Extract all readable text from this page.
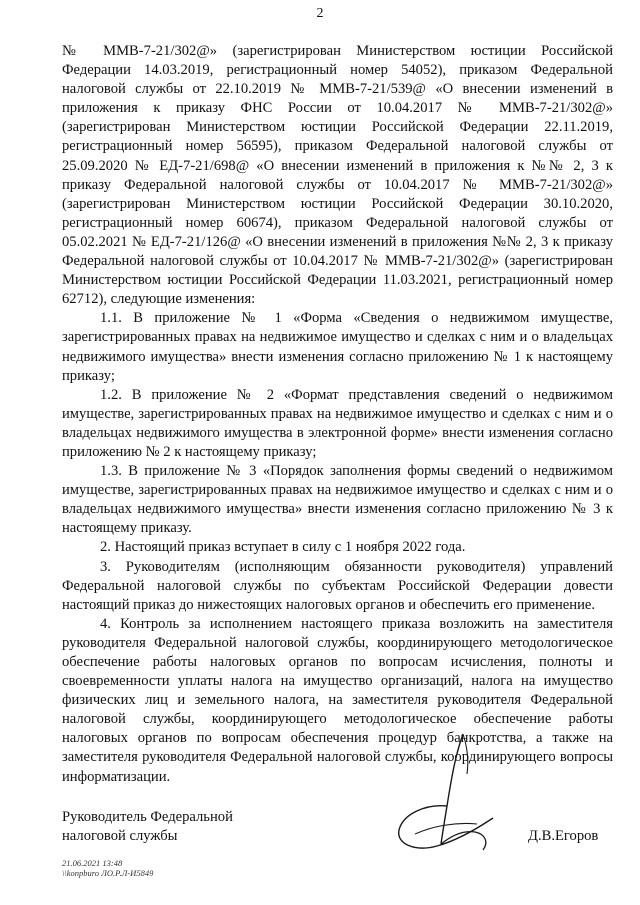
2

№ ММВ-7-21/302@» (зарегистрирован Министерством юстиции Российской Федерации 14.03.2019, регистрационный номер 54052), приказом Федеральной налоговой службы от 22.10.2019 № ММВ-7-21/539@ «О внесении изменений в приложения к приказу ФНС России от 10.04.2017 № ММВ-7-21/302@» (зарегистрирован Министерством юстиции Российской Федерации 22.11.2019, регистрационный номер 56595), приказом Федеральной налоговой службы от 25.09.2020 № ЕД-7-21/698@ «О внесении изменений в приложения к №№ 2, 3 к приказу Федеральной налоговой службы от 10.04.2017 № ММВ-7-21/302@» (зарегистрирован Министерством юстиции Российской Федерации 30.10.2020, регистрационный номер 60674), приказом Федеральной налоговой службы от 05.02.2021 № ЕД-7-21/126@ «О внесении изменений в приложения №№ 2, 3 к приказу Федеральной налоговой службы от 10.04.2017 № ММВ-7-21/302@» (зарегистрирован Министерством юстиции Российской Федерации 11.03.2021, регистрационный номер 62712), следующие изменения:

1.1. В приложение № 1 «Форма «Сведения о недвижимом имуществе, зарегистрированных правах на недвижимое имущество и сделках с ним и о владельцах недвижимого имущества» внести изменения согласно приложению № 1 к настоящему приказу;

1.2. В приложение № 2 «Формат представления сведений о недвижимом имуществе, зарегистрированных правах на недвижимое имущество и сделках с ним и о владельцах недвижимого имущества в электронной форме» внести изменения согласно приложению № 2 к настоящему приказу;

1.3. В приложение № 3 «Порядок заполнения формы сведений о недвижимом имуществе, зарегистрированных правах на недвижимое имущество и сделках с ним и о владельцах недвижимого имущества» внести изменения согласно приложению № 3 к настоящему приказу.

2. Настоящий приказ вступает в силу с 1 ноября 2022 года.

3. Руководителям (исполняющим обязанности руководителя) управлений Федеральной налоговой службы по субъектам Российской Федерации довести настоящий приказ до нижестоящих налоговых органов и обеспечить его применение.

4. Контроль за исполнением настоящего приказа возложить на заместителя руководителя Федеральной налоговой службы, координирующего методологическое обеспечение работы налоговых органов по вопросам исчисления, полноты и своевременности уплаты налога на имущество организаций, налога на имущество физических лиц и земельного налога, на заместителя руководителя Федеральной налоговой службы, координирующего методологическое обеспечение работы налоговых органов по вопросам обеспечения процедур банкротства, а также на заместителя руководителя Федеральной налоговой службы, координирующего вопросы информатизации.

Руководитель Федеральной
налоговой службы	Д.В.Егоров
21.06.2021 13:48
\\konpburo ЛО.Р.Л-И5849
